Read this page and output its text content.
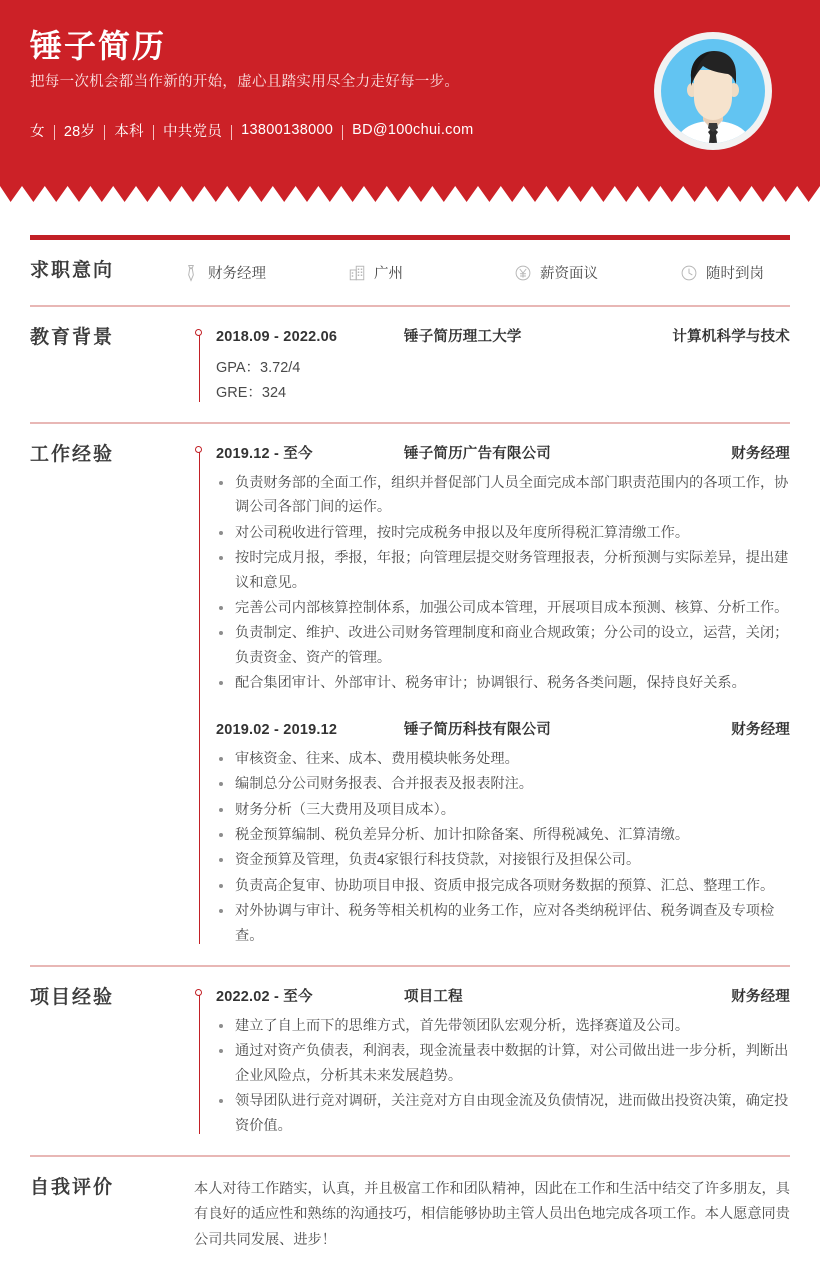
锤子简历
把每一次机会都当作新的开始，虚心且踏实用尽全力走好每一步。
女 28岁 本科 中共党员 13800138000 BD@100chui.com
求职意向	财务经理	广州	薪资面议	随时到岗
教育背景	2018.09 - 2022.06	锤子简历理工大学	计算机科学与技术
GPA：3.72/4
GRE：324
工作经验	2019.12 - 至今	锤子简历广告有限公司	财务经理
负责财务部的全面工作，组织并督促部门人员全面完成本部门职责范围内的各项工作，协调公司各部门间的运作。
对公司税收进行管理，按时完成税务申报以及年度所得税汇算清缴工作。
按时完成月报，季报，年报；向管理层提交财务管理报表，分析预测与实际差异，提出建议和意见。
完善公司内部核算控制体系，加强公司成本管理，开展项目成本预测、核算、分析工作。
负责制定、维护、改进公司财务管理制度和商业合规政策；分公司的设立，运营，关闭；负责资金、资产的管理。
配合集团审计、外部审计、税务审计；协调银行、税务各类问题，保持良好关系。
2019.02 - 2019.12	锤子简历科技有限公司	财务经理
审核资金、往来、成本、费用模块帐务处理。
编制总分公司财务报表、合并报表及报表附注。
财务分析（三大费用及项目成本）。
税金预算编制、税负差异分析、加计扣除备案、所得税减免、汇算清缴。
资金预算及管理，负责4家银行科技贷款，对接银行及担保公司。
负责高企复审、协助项目申报、资质申报完成各项财务数据的预算、汇总、整理工作。
对外协调与审计、税务等相关机构的业务工作，应对各类纳税评估、税务调查及专项检查。
项目经验	2022.02 - 至今	项目工程	财务经理
建立了自上而下的思维方式，首先带领团队宏观分析，选择赛道及公司。
通过对资产负债表，利润表，现金流量表中数据的计算，对公司做出进一步分析，判断出企业风险点，分析其未来发展趋势。
领导团队进行竞对调研，关注竞对方自由现金流及负债情况，进而做出投资决策，确定投资价值。
自我评价	本人对待工作踏实，认真，并且极富工作和团队精神，因此在工作和生活中结交了许多朋友，具有良好的适应性和熟练的沟通技巧，相信能够协助主管人员出色地完成各项工作。本人愿意同贵公司共同发展、进步！
